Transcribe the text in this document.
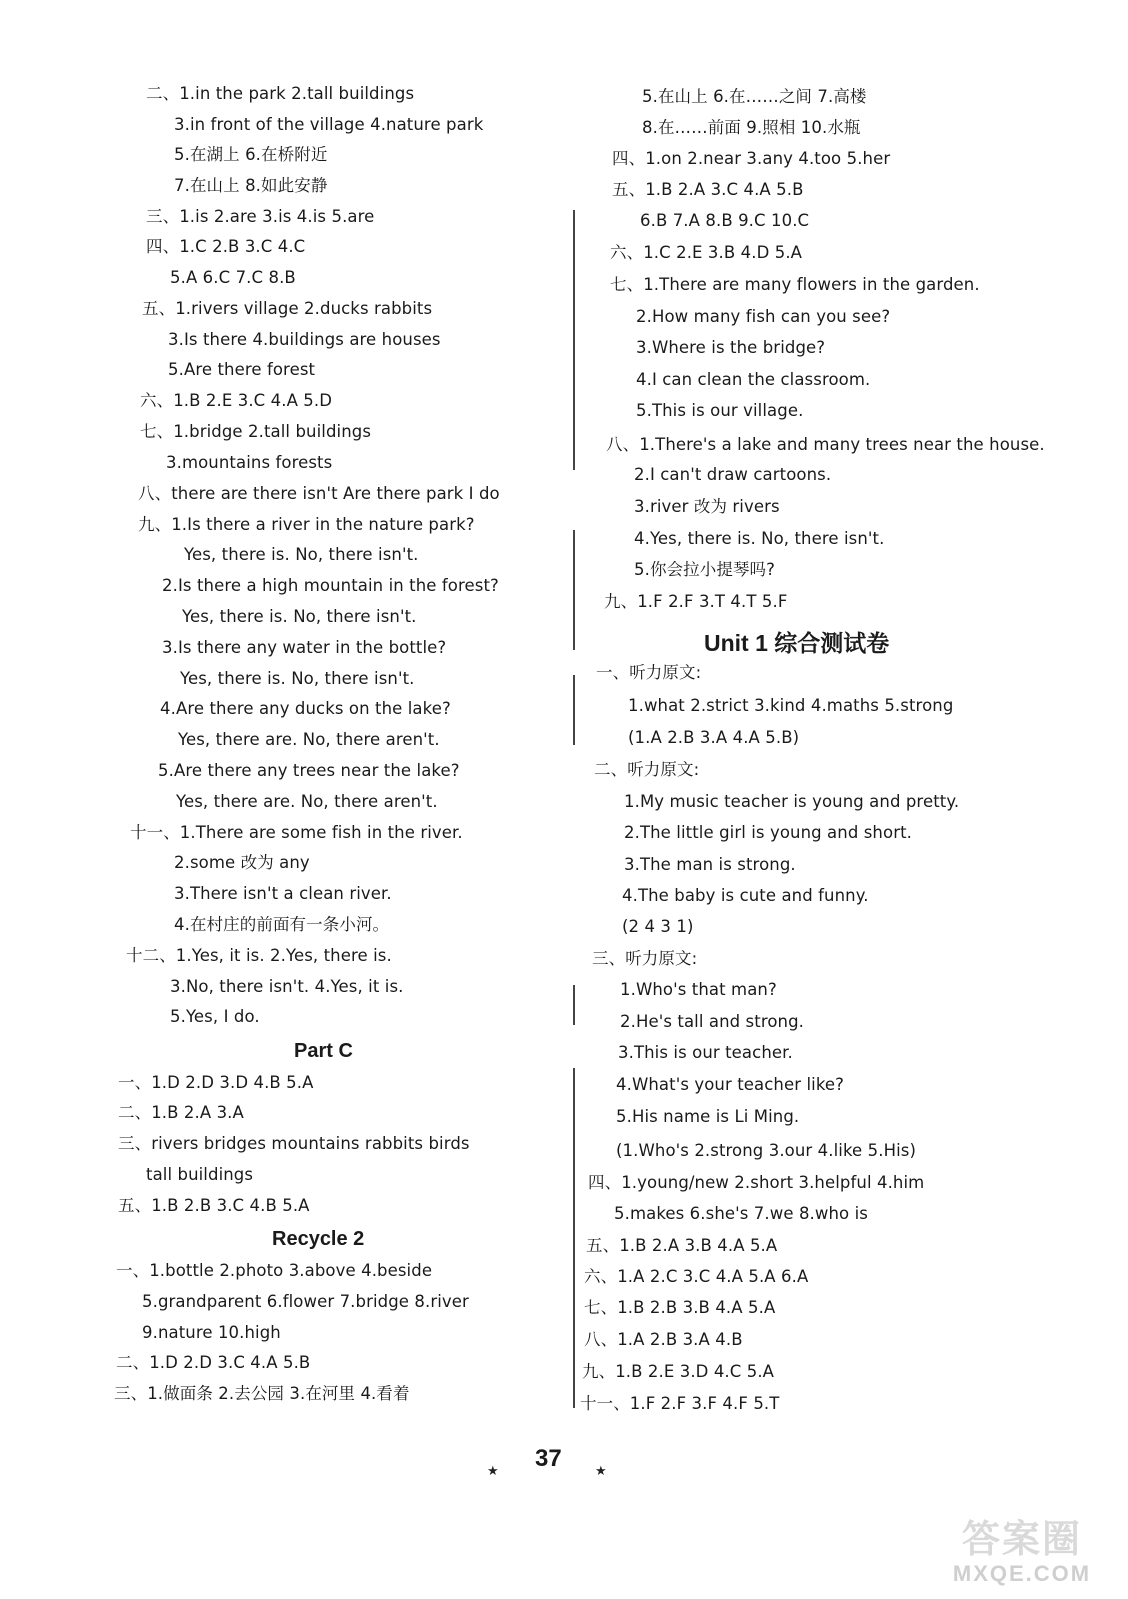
二、1.in the park 2.tall buildings
3.in front of the village 4.nature park
5.在湖上 6.在桥附近
7.在山上 8.如此安静
三、1.is 2.are 3.is 4.is 5.are
四、1.C 2.B 3.C 4.C
5.A 6.C 7.C 8.B
五、1.rivers village 2.ducks rabbits
3.Is there 4.buildings are houses
5.Are there forest
六、1.B 2.E 3.C 4.A 5.D
七、1.bridge 2.tall buildings
3.mountains forests
八、there are there isn't Are there park I do
九、1.Is there a river in the nature park?
Yes, there is. No, there isn't.
2.Is there a high mountain in the forest?
Yes, there is. No, there isn't.
3.Is there any water in the bottle?
Yes, there is. No, there isn't.
4.Are there any ducks on the lake?
Yes, there are. No, there aren't.
5.Are there any trees near the lake?
Yes, there are. No, there aren't.
十一、1.There are some fish in the river.
2.some 改为 any
3.There isn't a clean river.
4.在村庄的前面有一条小河。
十二、1.Yes, it is. 2.Yes, there is.
3.No, there isn't. 4.Yes, it is.
5.Yes, I do.
Part C
一、1.D 2.D 3.D 4.B 5.A
二、1.B 2.A 3.A
三、rivers bridges mountains rabbits birds
tall buildings
五、1.B 2.B 3.C 4.B 5.A
Recycle 2
一、1.bottle 2.photo 3.above 4.beside
5.grandparent 6.flower 7.bridge 8.river
9.nature 10.high
二、1.D 2.D 3.C 4.A 5.B
三、1.做面条 2.去公园 3.在河里 4.看着
5.在山上 6.在……之间 7.高楼
8.在……前面 9.照相 10.水瓶
四、1.on 2.near 3.any 4.too 5.her
五、1.B 2.A 3.C 4.A 5.B
6.B 7.A 8.B 9.C 10.C
六、1.C 2.E 3.B 4.D 5.A
七、1.There are many flowers in the garden.
2.How many fish can you see?
3.Where is the bridge?
4.I can clean the classroom.
5.This is our village.
八、1.There's a lake and many trees near the house.
2.I can't draw cartoons.
3.river 改为 rivers
4.Yes, there is. No, there isn't.
5.你会拉小提琴吗?
九、1.F 2.F 3.T 4.T 5.F
Unit 1 综合测试卷
一、听力原文:
1.what 2.strict 3.kind 4.maths 5.strong
(1.A 2.B 3.A 4.A 5.B)
二、听力原文:
1.My music teacher is young and pretty.
2.The little girl is young and short.
3.The man is strong.
4.The baby is cute and funny.
(2 4 3 1)
三、听力原文:
1.Who's that man?
2.He's tall and strong.
3.This is our teacher.
4.What's your teacher like?
5.His name is Li Ming.
(1.Who's 2.strong 3.our 4.like 5.His)
四、1.young/new 2.short 3.helpful 4.him
5.makes 6.she's 7.we 8.who is
五、1.B 2.A 3.B 4.A 5.A
六、1.A 2.C 3.C 4.A 5.A 6.A
七、1.B 2.B 3.B 4.A 5.A
八、1.A 2.B 3.A 4.B
九、1.B 2.E 3.D 4.C 5.A
十一、1.F 2.F 3.F 4.F 5.T
37
★	★
答案圈
MXQE.COM
